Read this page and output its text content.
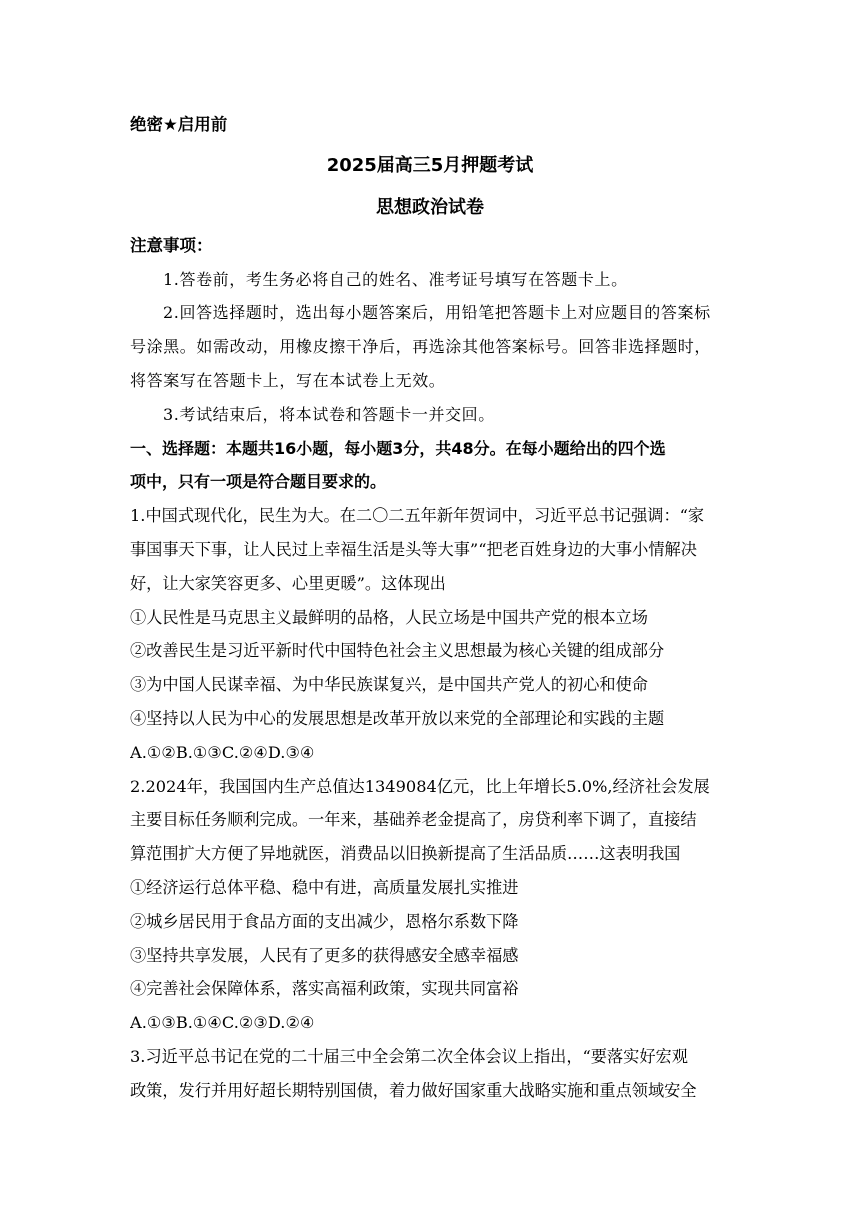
绝密★启用前
2025届高三5月押题考试
思想政治试卷
注意事项：
1.答卷前，考生务必将自己的姓名、准考证号填写在答题卡上。
2.回答选择题时，选出每小题答案后，用铅笔把答题卡上对应题目的答案标
号涂黑。如需改动，用橡皮擦干净后，再选涂其他答案标号。回答非选择题时，
将答案写在答题卡上，写在本试卷上无效。
3.考试结束后，将本试卷和答题卡一并交回。
一、选择题：本题共16小题，每小题3分，共48分。在每小题给出的四个选
项中，只有一项是符合题目要求的。
1.中国式现代化，民生为大。在二〇二五年新年贺词中，习近平总书记强调：“家
事国事天下事，让人民过上幸福生活是头等大事”“把老百姓身边的大事小情解决
好，让大家笑容更多、心里更暖”。这体现出
①人民性是马克思主义最鲜明的品格，人民立场是中国共产党的根本立场
②改善民生是习近平新时代中国特色社会主义思想最为核心关键的组成部分
③为中国人民谋幸福、为中华民族谋复兴，是中国共产党人的初心和使命
④坚持以人民为中心的发展思想是改革开放以来党的全部理论和实践的主题
A.①②B.①③C.②④D.③④
2.2024年，我国国内生产总值达1349084亿元，比上年增长5.0%,经济社会发展
主要目标任务顺利完成。一年来，基础养老金提高了，房贷利率下调了，直接结
算范围扩大方便了异地就医，消费品以旧换新提高了生活品质……这表明我国
①经济运行总体平稳、稳中有进，高质量发展扎实推进
②城乡居民用于食品方面的支出减少，恩格尔系数下降
③坚持共享发展，人民有了更多的获得感安全感幸福感
④完善社会保障体系，落实高福利政策，实现共同富裕
A.①③B.①④C.②③D.②④
3.习近平总书记在党的二十届三中全会第二次全体会议上指出，“要落实好宏观
政策，发行并用好超长期特别国债，着力做好国家重大战略实施和重点领域安全
